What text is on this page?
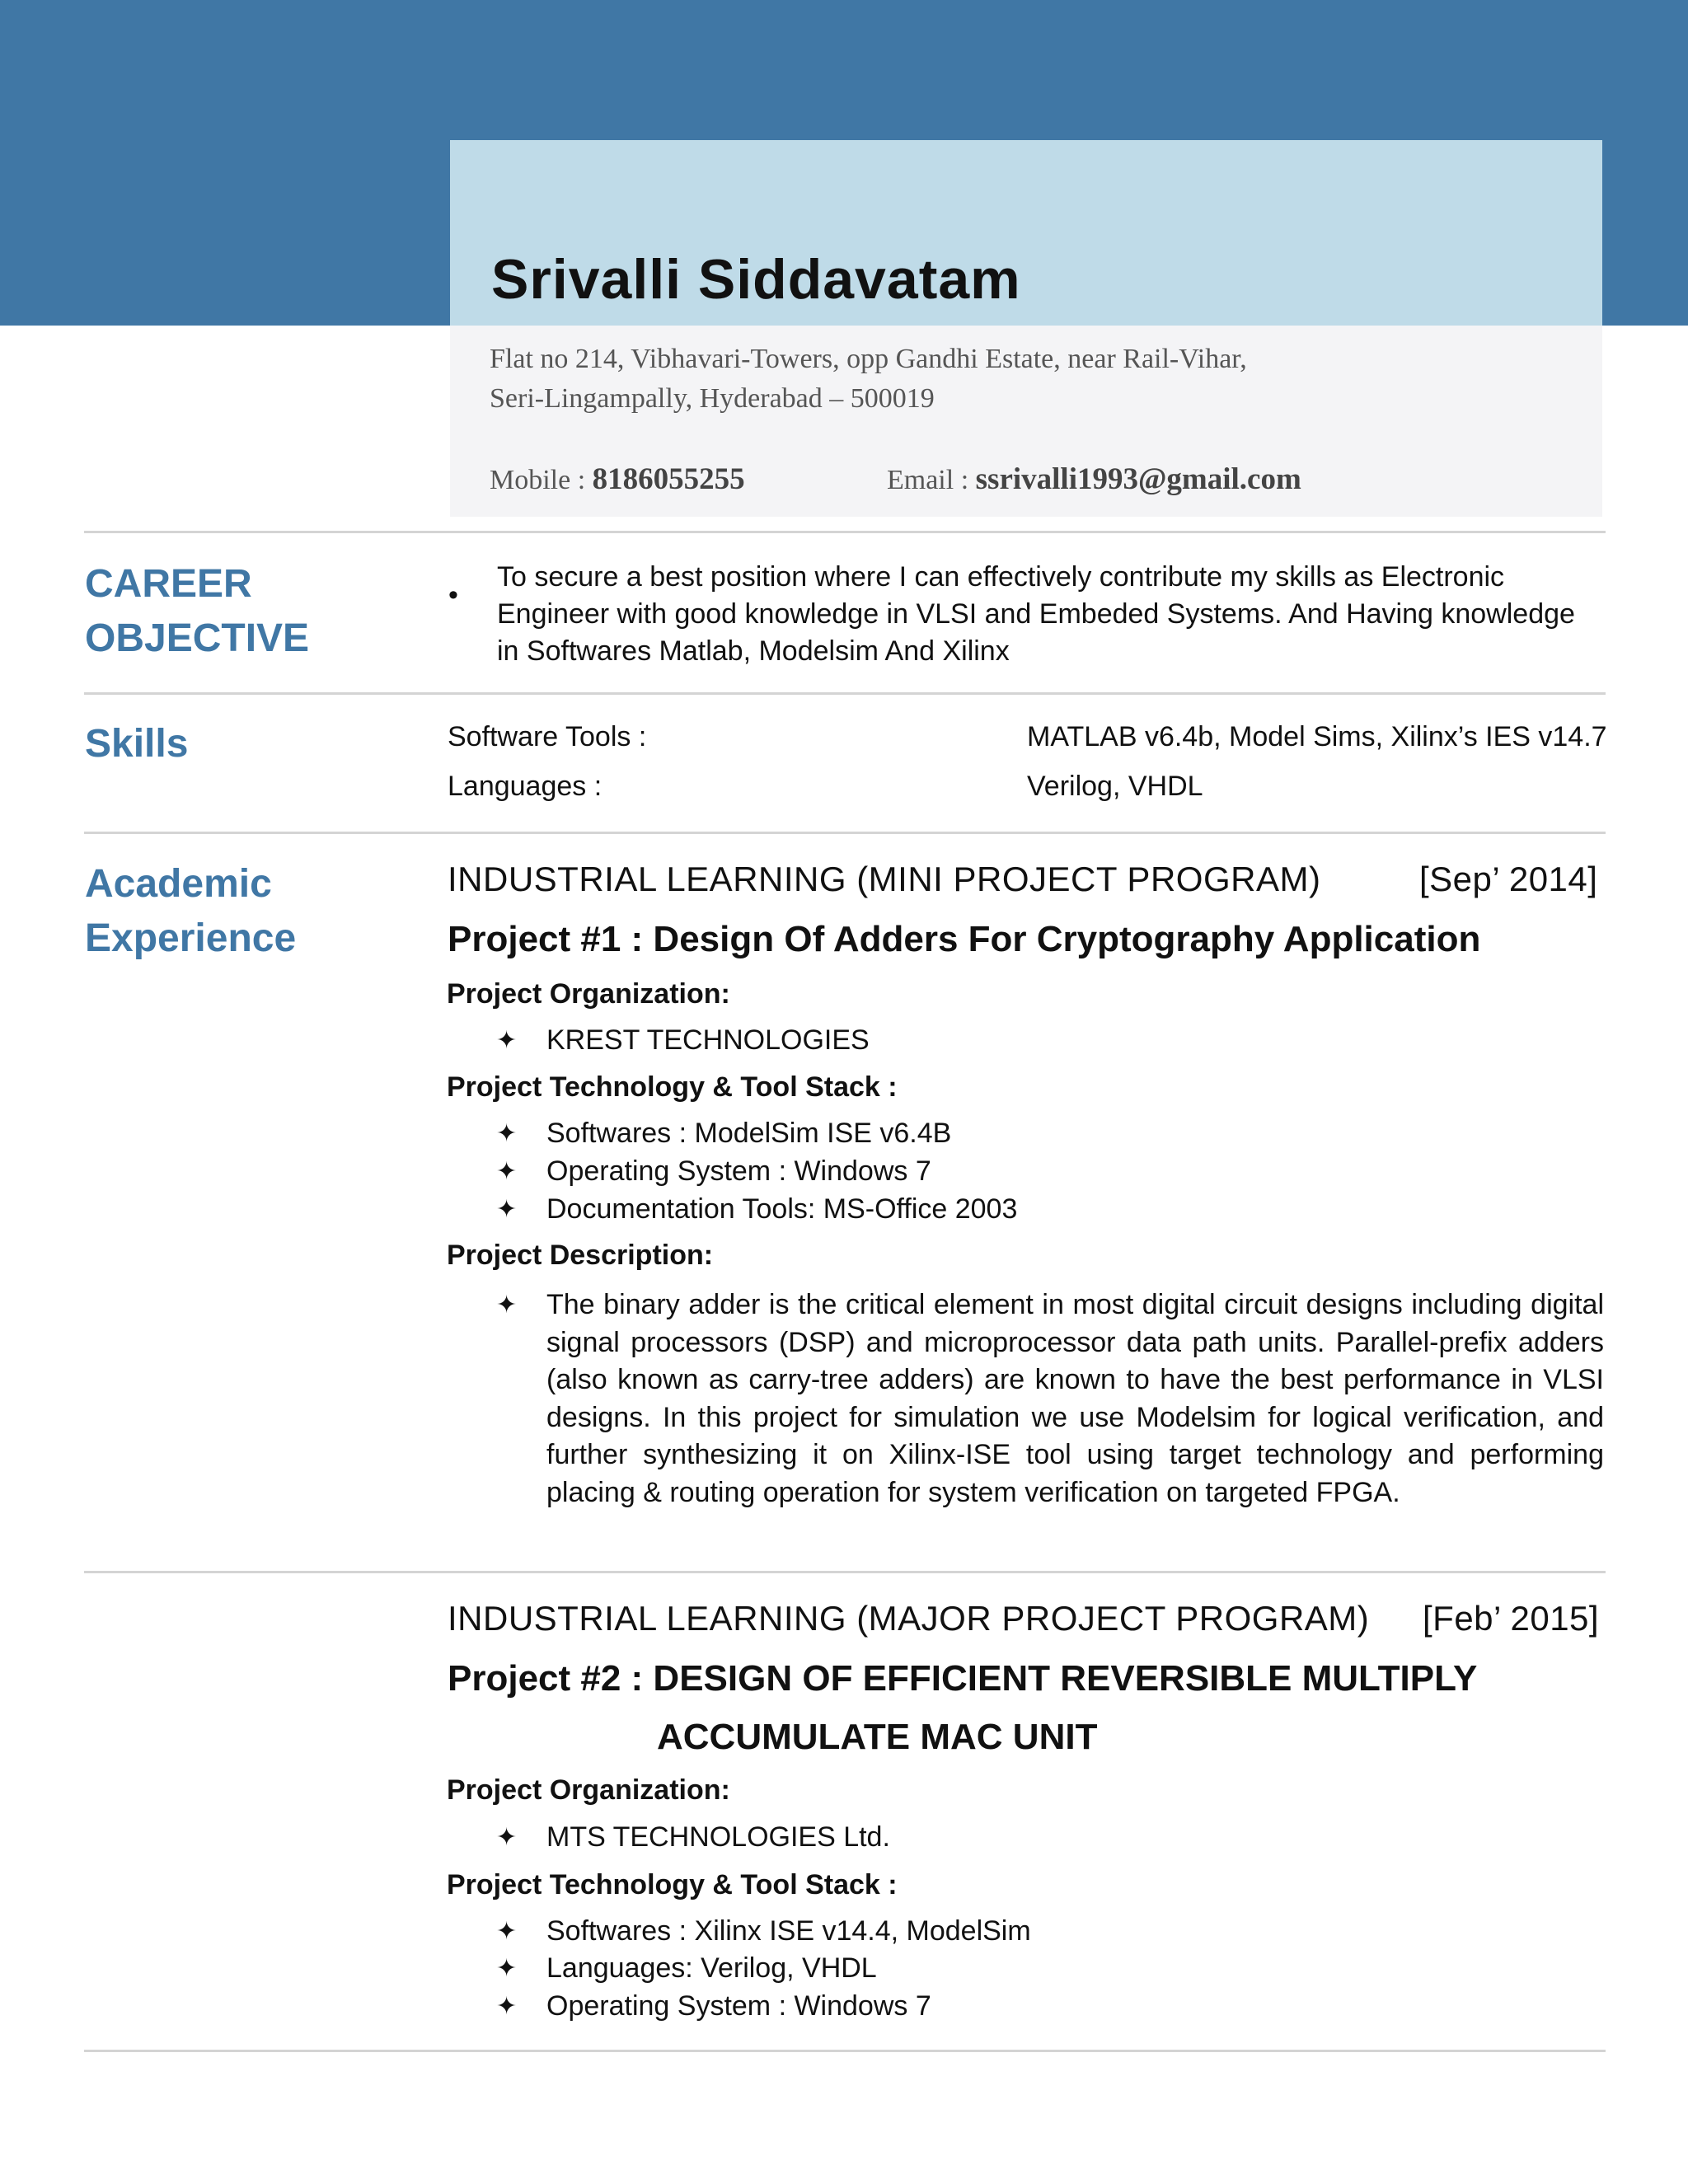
Srivalli Siddavatam
Flat no 214, Vibhavari-Towers, opp Gandhi Estate, near Rail-Vihar,
Seri-Lingampally, Hyderabad – 500019
Mobile : 8186055255	Email : ssrivalli1993@gmail.com
CAREER
OBJECTIVE
•
To secure a best position where I can effectively contribute my skills as Electronic
Engineer with good knowledge in VLSI and Embeded Systems. And Having knowledge
in Softwares Matlab, Modelsim And Xilinx
Skills	Software Tools :	MATLAB v6.4b, Model Sims, Xilinx’s IES v14.7
Languages :	Verilog, VHDL
Academic
Experience
INDUSTRIAL LEARNING (MINI PROJECT PROGRAM)	[Sep’ 2014]
Project #1 : Design Of Adders For Cryptography Application
Project Organization:
✦ KREST TECHNOLOGIES
Project Technology & Tool Stack :
✦ Softwares : ModelSim ISE v6.4B
✦ Operating System : Windows 7
✦ Documentation Tools: MS-Office 2003
Project Description:
✦ The binary adder is the critical element in most digital circuit designs including digital signal processors (DSP) and microprocessor data path units. Parallel-prefix adders (also known as carry-tree adders) are known to have the best performance in VLSI designs. In this project for simulation we use Modelsim for logical verification, and further synthesizing it on Xilinx-ISE tool using target technology and performing placing & routing operation for system verification on targeted FPGA.
INDUSTRIAL LEARNING (MAJOR PROJECT PROGRAM) [Feb’ 2015]
Project #2 : DESIGN OF EFFICIENT REVERSIBLE MULTIPLY
ACCUMULATE MAC UNIT
Project Organization:
✦ MTS TECHNOLOGIES Ltd.
Project Technology & Tool Stack :
✦ Softwares : Xilinx ISE v14.4, ModelSim
✦ Languages: Verilog, VHDL
✦ Operating System : Windows 7
